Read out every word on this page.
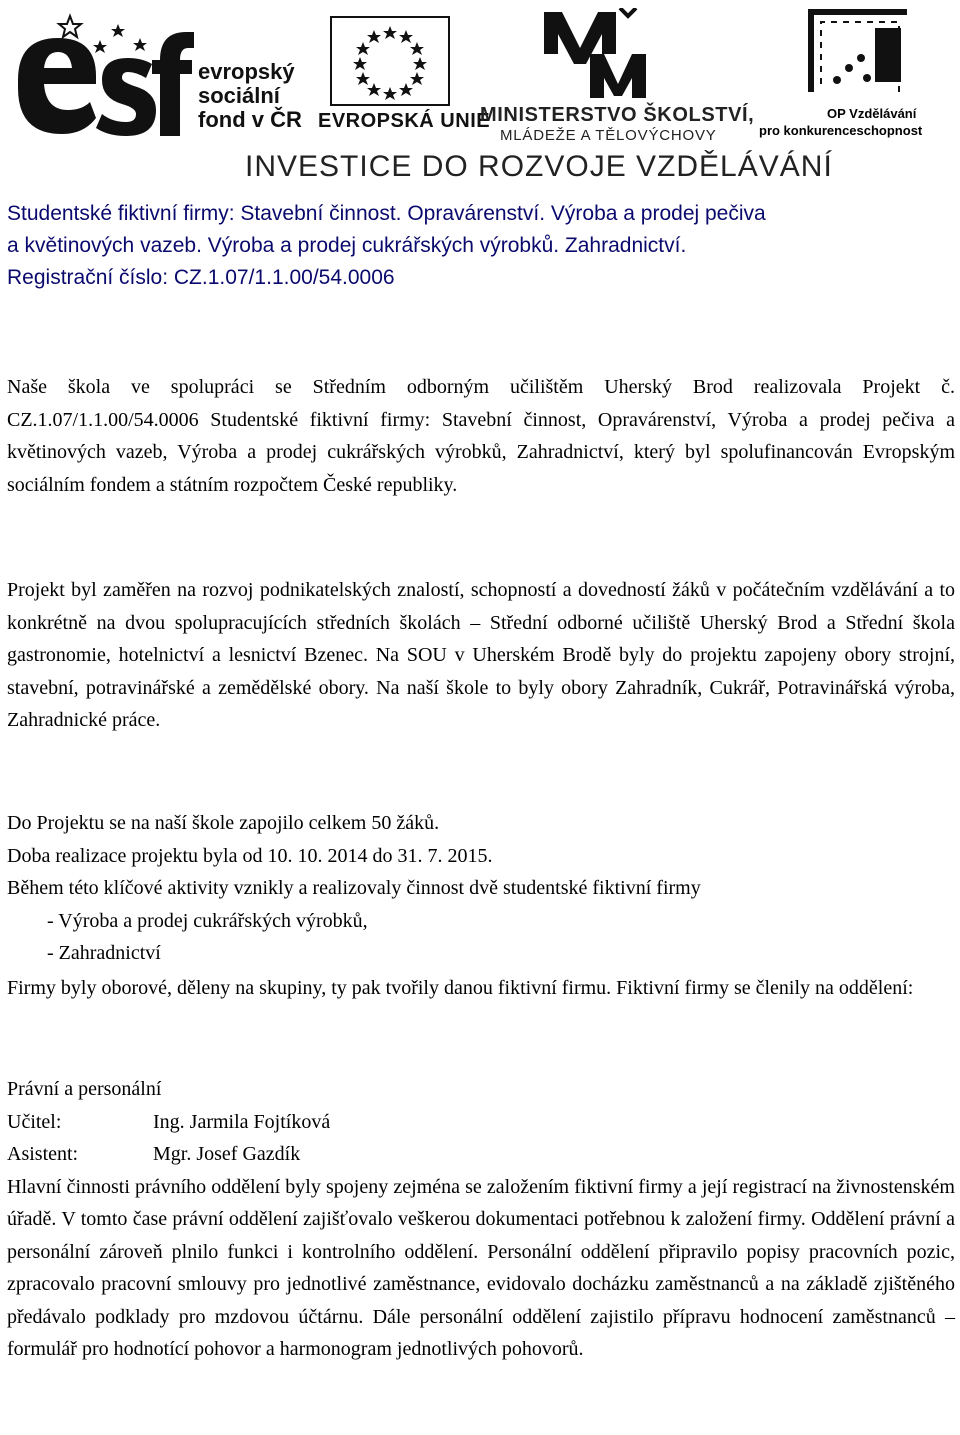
evropský
sociální
fond v ČR EVROPSKÁ UNIE
MINISTERSTVO ŠKOLSTVÍ,
MLÁDEŽE A TĚLOVÝCHOVY
OP Vzdělávání
pro konkurenceschopnost
INVESTICE DO ROZVOJE VZDĚLÁVÁNÍ

Studentské fiktivní firmy: Stavební činnost. Opravárenství. Výroba a prodej pečiva

a květinových vazeb. Výroba a prodej cukrářských výrobků. Zahradnictví.

Registrační číslo: CZ.1.07/1.1.00/54.0006

Naše škola ve spolupráci se Středním odborným učilištěm Uherský Brod realizovala Projekt č. CZ.1.07/1.1.00/54.0006 Studentské fiktivní firmy: Stavební činnost, Opravárenství, Výroba a prodej pečiva a květinových vazeb, Výroba a prodej cukrářských výrobků, Zahradnictví, který byl spolufinancován Evropským sociálním fondem a státním rozpočtem České republiky.

Projekt byl zaměřen na rozvoj podnikatelských znalostí, schopností a dovedností žáků v počátečním vzdělávání a to konkrétně na dvou spolupracujících středních školách – Střední odborné učiliště Uherský Brod a Střední škola gastronomie, hotelnictví a lesnictví Bzenec. Na SOU v Uherském Brodě byly do projektu zapojeny obory strojní, stavební, potravinářské a zemědělské obory. Na naší škole to byly obory Zahradník, Cukrář, Potravinářská výroba, Zahradnické práce.

Do Projektu se na naší škole zapojilo celkem 50 žáků.

Doba realizace projektu byla od 10. 10. 2014 do 31. 7. 2015.

Během této klíčové aktivity vznikly a realizovaly činnost dvě studentské fiktivní firmy

- Výroba a prodej cukrářských výrobků,

- Zahradnictví

Firmy byly oborové, děleny na skupiny, ty pak tvořily danou fiktivní firmu. Fiktivní firmy se členily na oddělení:

Právní a personální

Učitel:	Ing. Jarmila Fojtíková
Asistent:	Mgr. Josef Gazdík

Hlavní činnosti právního oddělení byly spojeny zejména se založením fiktivní firmy a její registrací na živnostenském úřadě. V tomto čase právní oddělení zajišťovalo veškerou dokumentaci potřebnou k založení firmy. Oddělení právní a personální zároveň plnilo funkci i kontrolního oddělení. Personální oddělení připravilo popisy pracovních pozic, zpracovalo pracovní smlouvy pro jednotlivé zaměstnance, evidovalo docházku zaměstnanců a na základě zjištěného předávalo podklady pro mzdovou účtárnu. Dále personální oddělení zajistilo přípravu hodnocení zaměstnanců – formulář pro hodnotící pohovor a harmonogram jednotlivých pohovorů.
